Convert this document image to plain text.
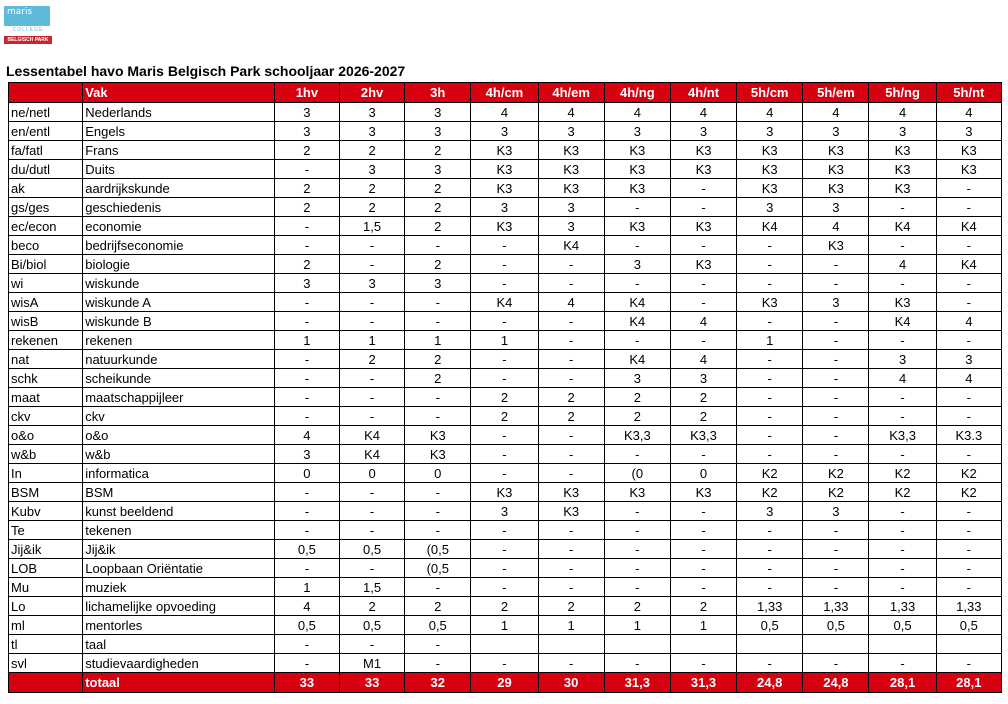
maris
COLLEGE
BELGISCH PARK
Lessentabel havo Maris Belgisch Park schooljaar 2026-2027
	Vak	1hv	2hv	3h	4h/cm	4h/em	4h/ng	4h/nt	5h/cm	5h/em	5h/ng	5h/nt
ne/netl	Nederlands	3	3	3	4	4	4	4	4	4	4	4
en/entl	Engels	3	3	3	3	3	3	3	3	3	3	3
fa/fatl	Frans	2	2	2	K3	K3	K3	K3	K3	K3	K3	K3
du/dutl	Duits	-	3	3	K3	K3	K3	K3	K3	K3	K3	K3
ak	aardrijkskunde	2	2	2	K3	K3	K3	-	K3	K3	K3	-
gs/ges	geschiedenis	2	2	2	3	3	-	-	3	3	-	-
ec/econ	economie	-	1,5	2	K3	3	K3	K3	K4	4	K4	K4
beco	bedrijfseconomie	-	-	-	-	K4	-	-	-	K3	-	-
Bi/biol	biologie	2	-	2	-	-	3	K3	-	-	4	K4
wi	wiskunde	3	3	3	-	-	-	-	-	-	-	-
wisA	wiskunde A	-	-	-	K4	4	K4	-	K3	3	K3	-
wisB	wiskunde B	-	-	-	-	-	K4	4	-	-	K4	4
rekenen	rekenen	1	1	1	1	-	-	-	1	-	-	-
nat	natuurkunde	-	2	2	-	-	K4	4	-	-	3	3
schk	scheikunde	-	-	2	-	-	3	3	-	-	4	4
maat	maatschappijleer	-	-	-	2	2	2	2	-	-	-	-
ckv	ckv	-	-	-	2	2	2	2	-	-	-	-
o&o	o&o	4	K4	K3	-	-	K3,3	K3,3	-	-	K3,3	K3.3
w&b	w&b	3	K4	K3	-	-	-	-	-	-	-	-
In	informatica	0	0	0	-	-	(0	0	K2	K2	K2	K2
BSM	BSM	-	-	-	K3	K3	K3	K3	K2	K2	K2	K2
Kubv	kunst beeldend	-	-	-	3	K3	-	-	3	3	-	-
Te	tekenen	-	-	-	-	-	-	-	-	-	-	-
Jij&ik	Jij&ik	0,5	0,5	(0,5	-	-	-	-	-	-	-	-
LOB	Loopbaan Oriëntatie	-	-	(0,5	-	-	-	-	-	-	-	-
Mu	muziek	1	1,5	-	-	-	-	-	-	-	-	-
Lo	lichamelijke opvoeding	4	2	2	2	2	2	2	1,33	1,33	1,33	1,33
ml	mentorles	0,5	0,5	0,5	1	1	1	1	0,5	0,5	0,5	0,5
tl	taal	-	-	-								
svl	studievaardigheden	-	M1	-	-	-	-	-	-	-	-	-
	totaal	33	33	32	29	30	31,3	31,3	24,8	24,8	28,1	28,1
